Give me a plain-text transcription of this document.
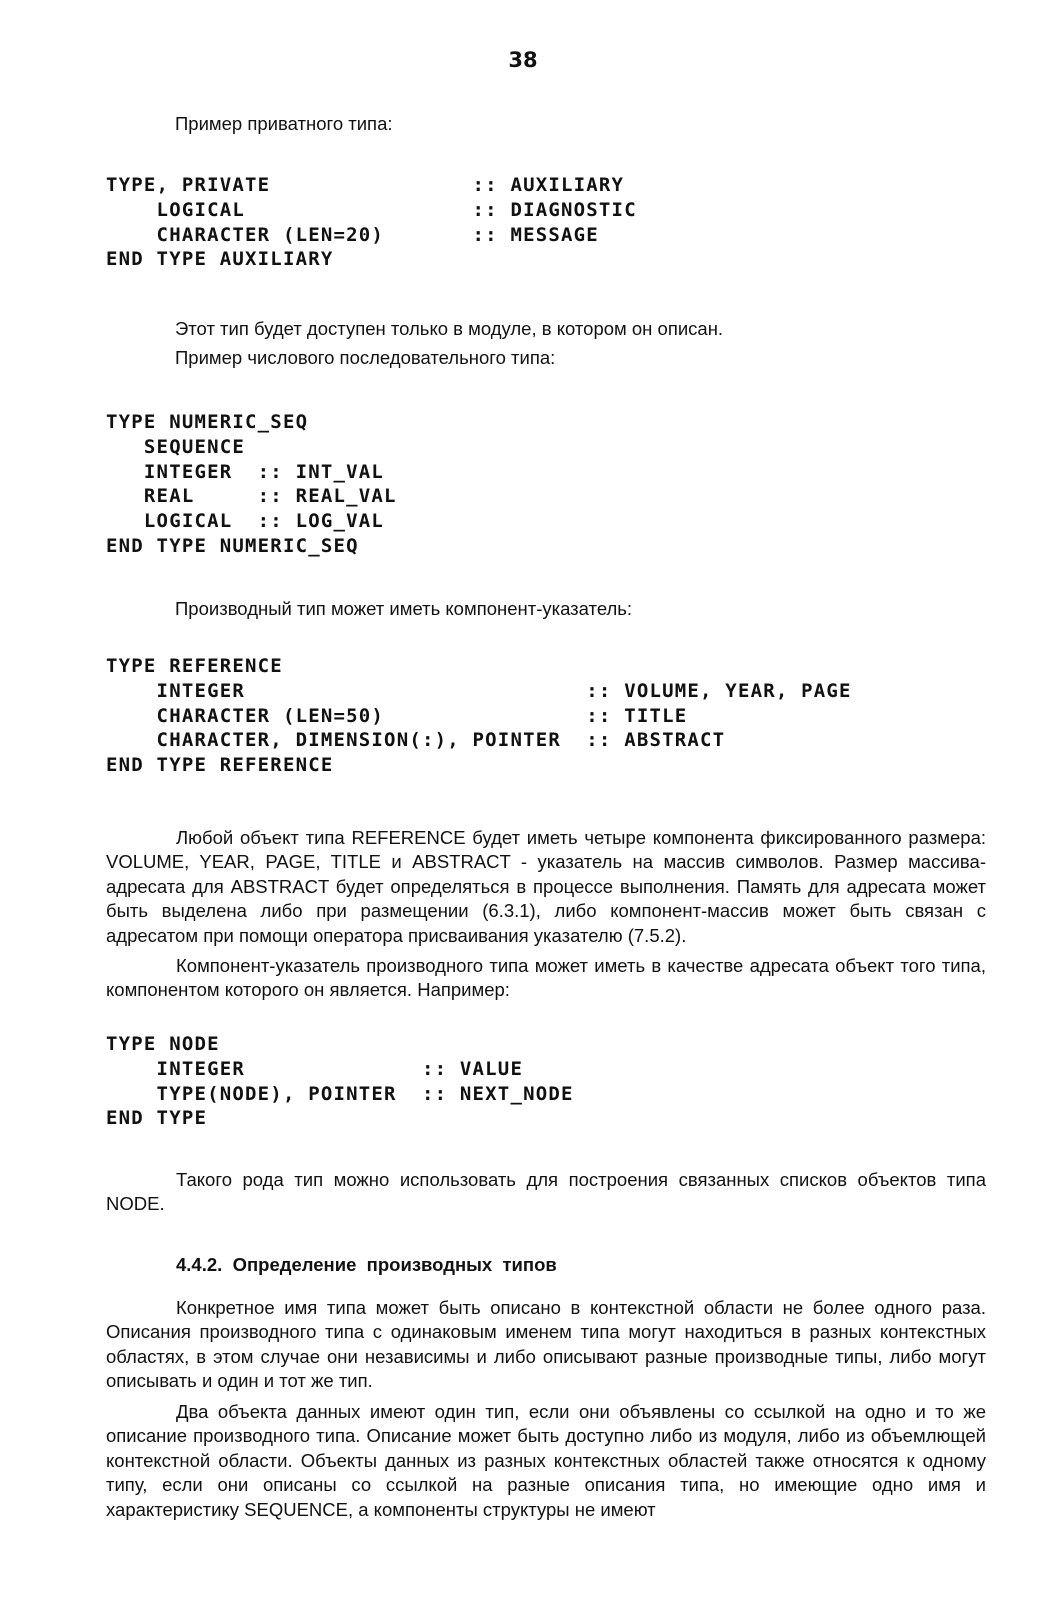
38
Пример приватного типа:
TYPE, PRIVATE                :: AUXILIARY
LOGICAL                  :: DIAGNOSTIC
CHARACTER (LEN=20)       :: MESSAGE
END TYPE AUXILIARY
Этот тип будет доступен только в модуле, в котором он описан.
Пример числового последовательного типа:
TYPE NUMERIC_SEQ
SEQUENCE
INTEGER  :: INT_VAL
REAL     :: REAL_VAL
LOGICAL  :: LOG_VAL
END TYPE NUMERIC_SEQ
Производный тип может иметь компонент-указатель:
TYPE REFERENCE
INTEGER                           :: VOLUME, YEAR, PAGE
CHARACTER (LEN=50)                :: TITLE
CHARACTER, DIMENSION(:), POINTER  :: ABSTRACT
END TYPE REFERENCE

Любой объект типа REFERENCE будет иметь четыре компонента фиксированного размера: VOLUME, YEAR, PAGE, TITLE и ABSTRACT - указатель на массив символов. Размер массива-адресата для ABSTRACT будет определяться в процессе выполнения. Память для адресата может быть выделена либо при размещении (6.3.1), либо компонент-массив может быть связан с адресатом при помощи оператора присваивания указателю (7.5.2).

Компонент-указатель производного типа может иметь в качестве адресата объект того типа, компонентом которого он является. Например:

TYPE NODE
INTEGER              :: VALUE
TYPE(NODE), POINTER  :: NEXT_NODE
END TYPE

Такого рода тип можно использовать для построения связанных списков объектов типа NODE.

4.4.2. Определение  производных  типов

Конкретное имя типа может быть описано в контекстной области не более одного раза. Описания производного типа с одинаковым именем типа могут находиться в разных контекстных областях, в этом случае они независимы и либо описывают разные производные типы, либо могут описывать и один и тот же тип.

Два объекта данных имеют один тип, если они объявлены со ссылкой на одно и то же описание производного типа. Описание может быть доступно либо из модуля, либо из объемлющей контекстной области. Объекты данных из разных контекстных областей также относятся к одному типу, если они описаны со ссылкой на разные описания типа, но имеющие одно имя и характеристику SEQUENCE, а компоненты структуры не имеют
